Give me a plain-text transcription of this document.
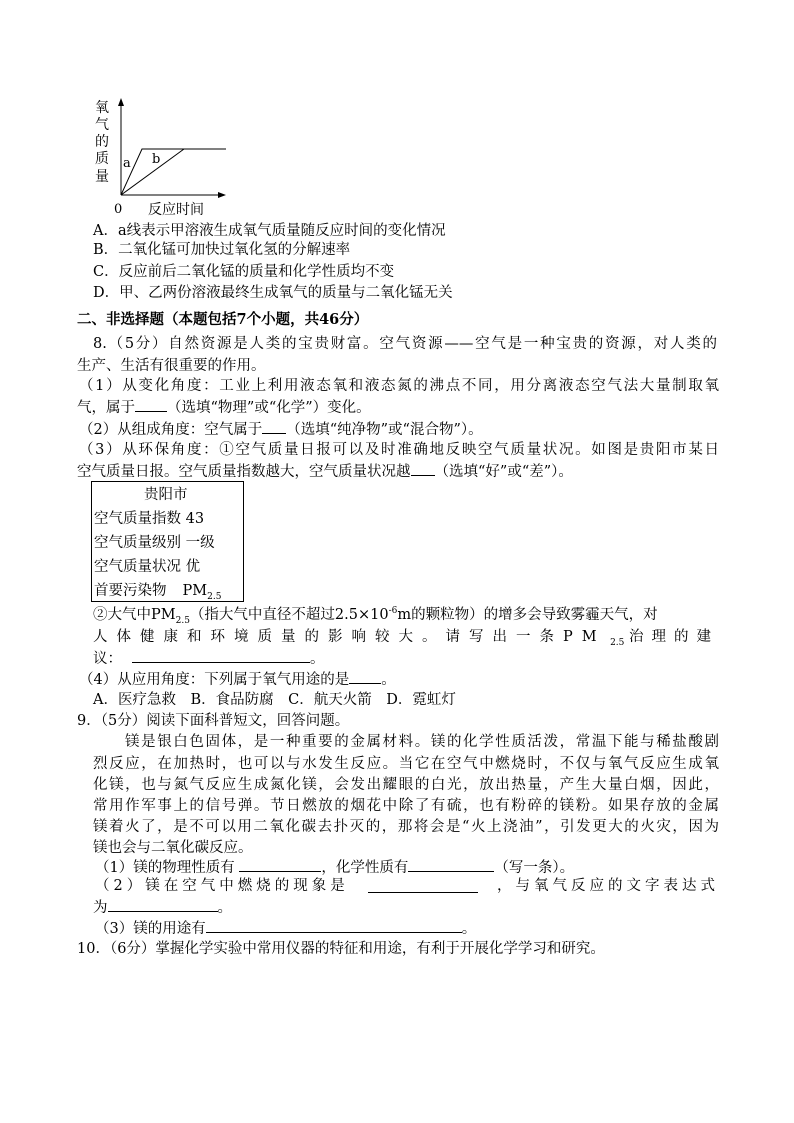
氧
气
的
质
量
a b
0 反应时间
A．a线表示甲溶液生成氧气质量随反应时间的变化情况
B．二氧化锰可加快过氧化氢的分解速率
C．反应前后二氧化锰的质量和化学性质均不变
D．甲、乙两份溶液最终生成氧气的质量与二氧化锰无关
二、非选择题（本题包括7个小题，共46分）
8.（5分）自然资源是人类的宝贵财富。空气资源——空气是一种宝贵的资源，对人类的
生产、生活有很重要的作用。
（1）从变化角度：工业上利用液态氧和液态氮的沸点不同，用分离液态空气法大量制取氧
气，属于 （选填“物理”或“化学”）变化。
（2）从组成角度：空气属于 （选填“纯净物”或“混合物”）。
（3）从环保角度：①空气质量日报可以及时准确地反映空气质量状况。如图是贵阳市某日
空气质量日报。空气质量指数越大，空气质量状况越 （选填“好”或“差”）。
贵阳市
空气质量指数 43
空气质量级别 一级
空气质量状况 优
首要污染物 $PM_{2.5}$
②大气中$PM_{2.5}$（指大气中直径不超过$2.5\times 10^{-6}m$的颗粒物）的增多会导致雾霾天气，对
人体健康和环境质量的影响较大。请写出一条PM $_{2.5}$ 治理的建
议：	。
（4）从应用角度：下列属于氧气用途的是 。
A．医疗急救　B．食品防腐　C．航天火箭　D．霓虹灯
9．（5分）阅读下面科普短文，回答问题。
镁是银白色固体，是一种重要的金属材料。镁的化学性质活泼，常温下能与稀盐酸剧
烈反应，在加热时，也可以与水发生反应。当它在空气中燃烧时，不仅与氧气反应生成氧
化镁，也与氮气反应生成氮化镁，会发出耀眼的白光，放出热量，产生大量白烟，因此，
常用作军事上的信号弹。节日燃放的烟花中除了有硫，也有粉碎的镁粉。如果存放的金属
镁着火了，是不可以用二氧化碳去扑灭的，那将会是“火上浇油”，引发更大的火灾，因为
镁也会与二氧化碳反应。
（1）镁的物理性质有	，化学性质有	（写一条）。
（2）镁在空气中燃烧的现象是	，与氧气反应的文字表达式
为	。
（3）镁的用途有	。
10．（6分）掌握化学实验中常用仪器的特征和用途，有利于开展化学学习和研究。
